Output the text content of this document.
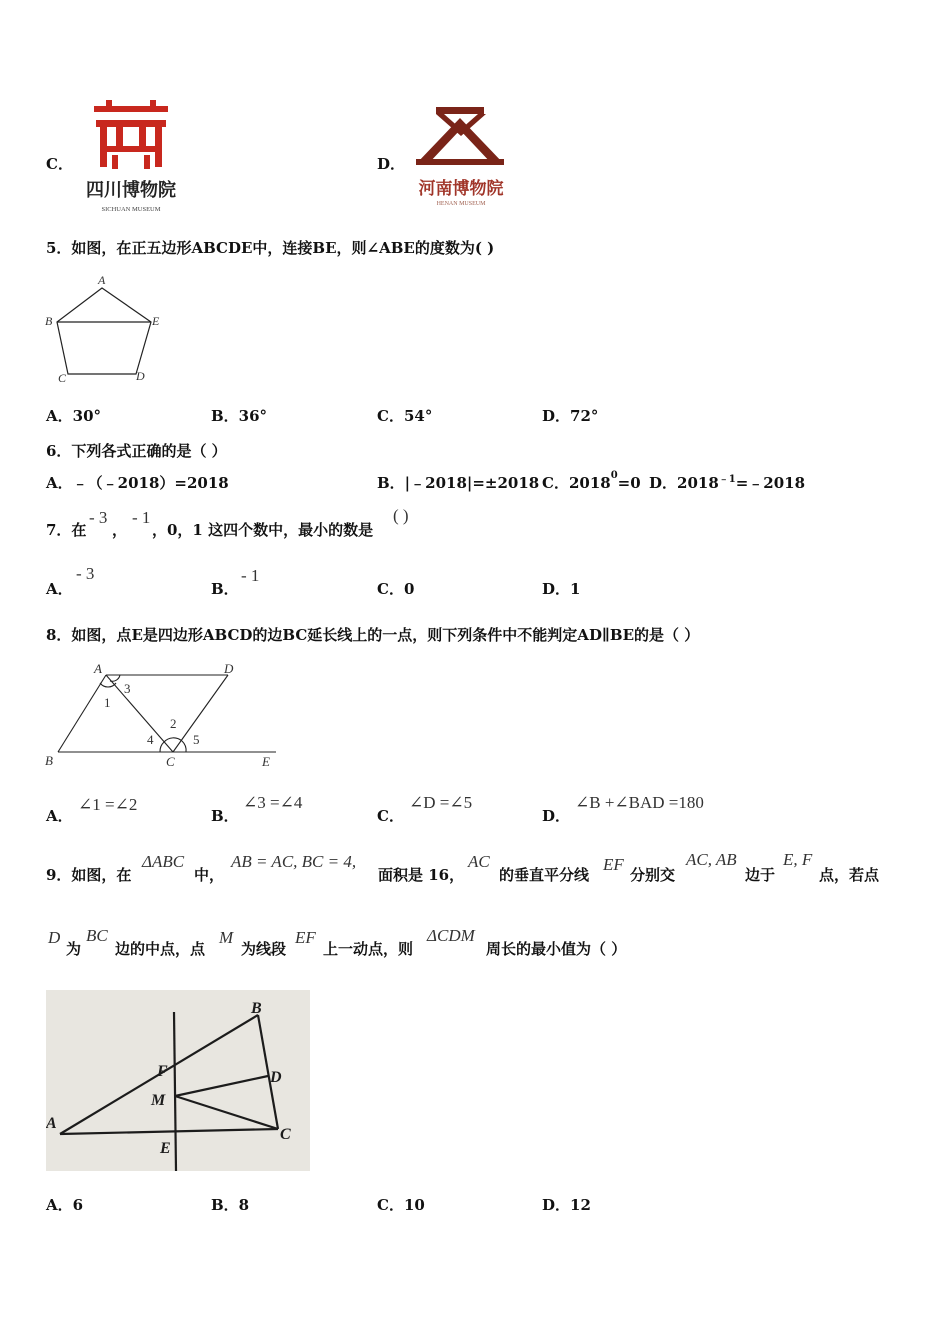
C．
四川博物院
SICHUAN MUSEUM
D．
河南博物院
HENAN MUSEUM
5．如图，在正五边形ABCDE中，连接BE，则∠ABE的度数为( )
A
B	E
C	D
A．30°	B．36°	C．54°	D．72°
6．下列各式正确的是（ ）
A．﹣（﹣2018）=2018	B．|﹣2018|=±2018 C．$2018^0=0$ D．$2018^{﹣1}=﹣2018$
7．在
- 3
，
- 1
，0，1 这四个数中，最小的数是
( )
A．
- 3
B．
- 1
C．0	D．1
8．如图，点E是四边形ABCD的边BC延长线上的一点，则下列条件中不能判定AD∥BE的是（ ）
A	D
B	C	E
1
2
3
4	5
A．
∠1 =∠2
B．
∠3 =∠4
C．
∠D =∠5
D．
∠B +∠BAD =180
9．如图，在
ΔABC
中，
AB = AC, BC = 4,
面积是 16，
AC
的垂直平分线
EF
分别交
AC, AB
边于
E, F
点，若点
D
为
BC
边的中点，点
M
为线段
EF
上一动点，则
ΔCDM
周长的最小值为（ ）
B
F	D
M
A
E
C
A．6	B．8	C．10	D．12
